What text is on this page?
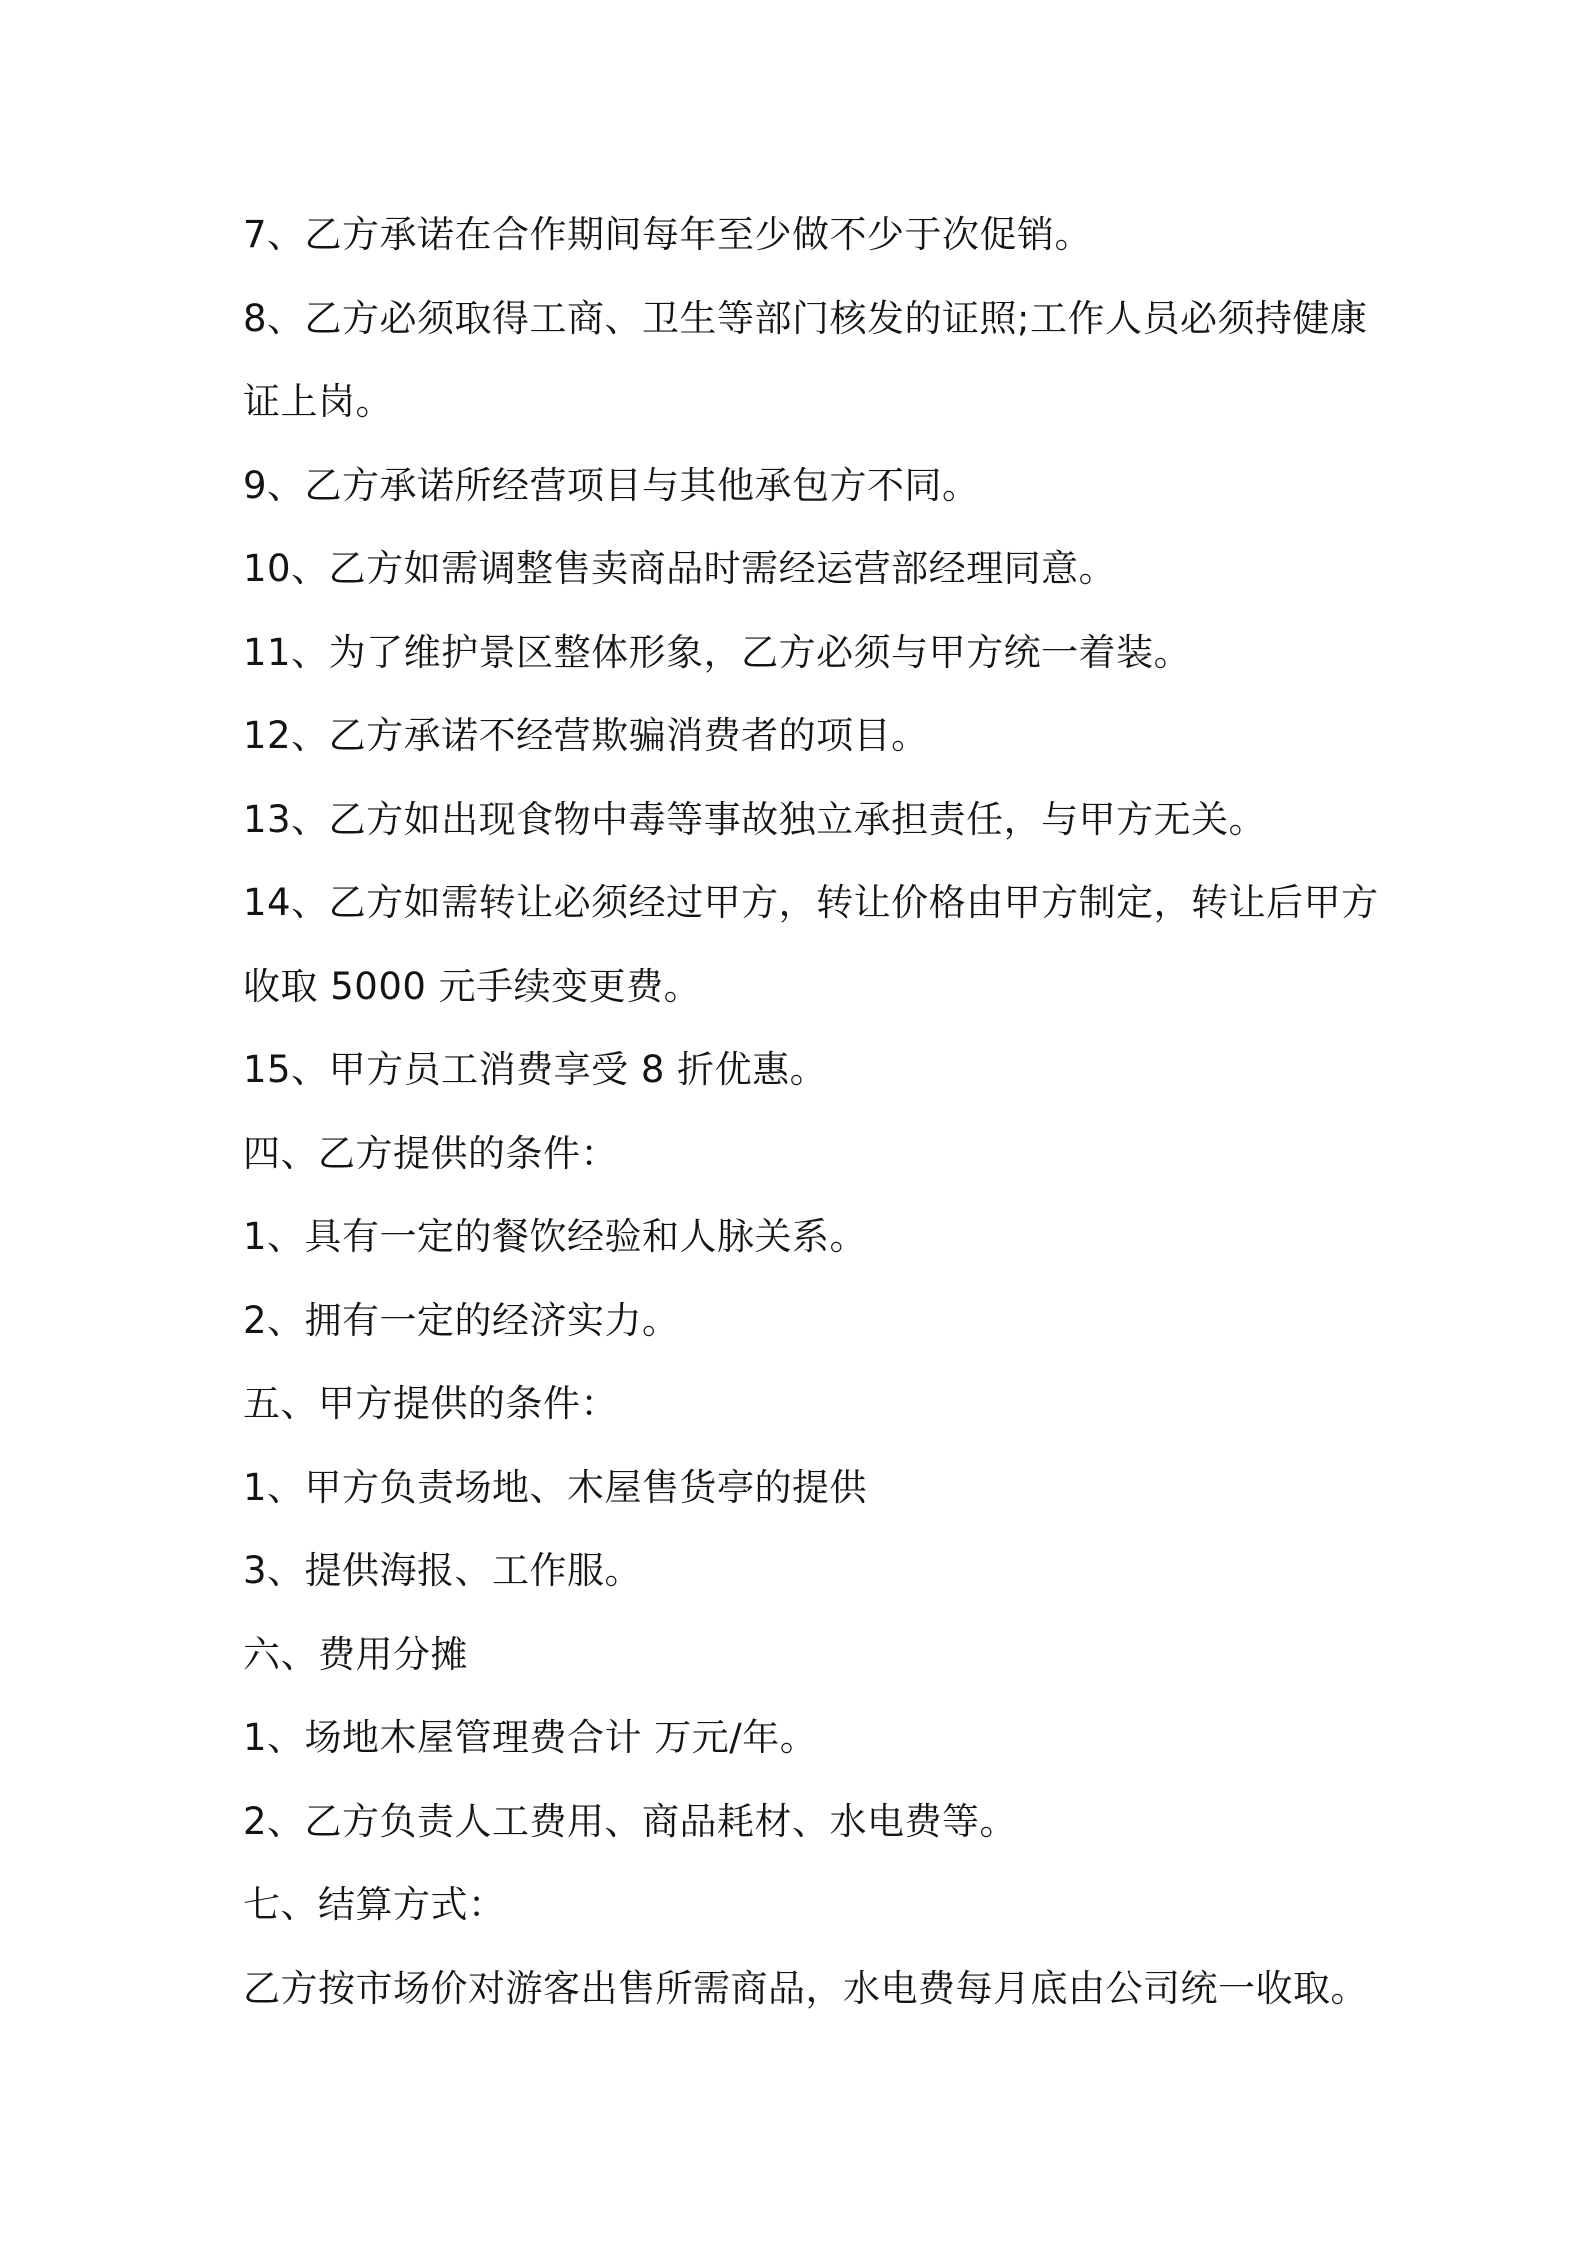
7、乙方承诺在合作期间每年至少做不少于次促销。
8、乙方必须取得工商、卫生等部门核发的证照;工作人员必须持健康
证上岗。
9、乙方承诺所经营项目与其他承包方不同。
10、乙方如需调整售卖商品时需经运营部经理同意。
11、为了维护景区整体形象，乙方必须与甲方统一着装。
12、乙方承诺不经营欺骗消费者的项目。
13、乙方如出现食物中毒等事故独立承担责任，与甲方无关。
14、乙方如需转让必须经过甲方，转让价格由甲方制定，转让后甲方
收取 5000 元手续变更费。
15、甲方员工消费享受 8 折优惠。
四、乙方提供的条件：
1、具有一定的餐饮经验和人脉关系。
2、拥有一定的经济实力。
五、甲方提供的条件：
1、甲方负责场地、木屋售货亭的提供
3、提供海报、工作服。
六、费用分摊
1、场地木屋管理费合计 万元/年。
2、乙方负责人工费用、商品耗材、水电费等。
七、结算方式：
乙方按市场价对游客出售所需商品，水电费每月底由公司统一收取。
